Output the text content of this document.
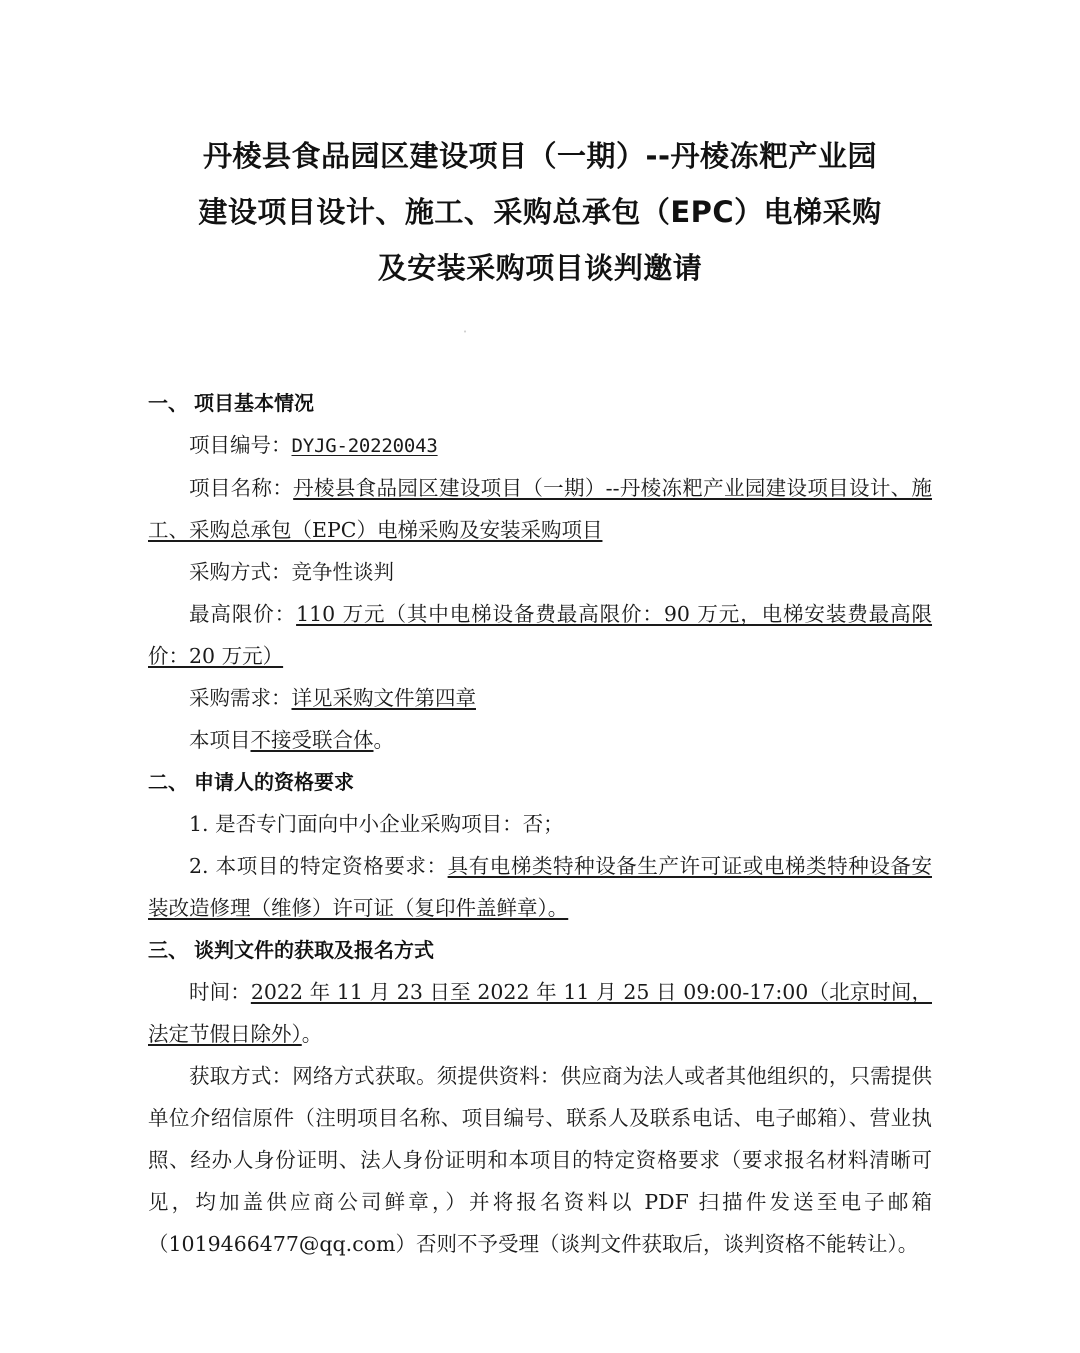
丹棱县食品园区建设项目（一期）--丹棱冻粑产业园
建设项目设计、施工、采购总承包（EPC）电梯采购
及安装采购项目谈判邀请
一、 项目基本情况

项目编号：DYJG-20220043

项目名称：丹棱县食品园区建设项目（一期）--丹棱冻粑产业园建设项目设计、施工、采购总承包（EPC）电梯采购及安装采购项目

采购方式：竞争性谈判

最高限价：110 万元（其中电梯设备费最高限价：90 万元，电梯安装费最高限价：20 万元）

采购需求：详见采购文件第四章

本项目不接受联合体。

二、 申请人的资格要求

1. 是否专门面向中小企业采购项目：否；

2. 本项目的特定资格要求：具有电梯类特种设备生产许可证或电梯类特种设备安装改造修理（维修）许可证（复印件盖鲜章）。

三、 谈判文件的获取及报名方式

时间：2022 年 11 月 23 日至 2022 年 11 月 25 日 09:00-17:00（北京时间，法定节假日除外）。

获取方式：网络方式获取。须提供资料：供应商为法人或者其他组织的，只需提供单位介绍信原件（注明项目名称、项目编号、联系人及联系电话、电子邮箱）、营业执照、经办人身份证明、法人身份证明和本项目的特定资格要求（要求报名材料清晰可见，均加盖供应商公司鲜章，）并将报名资料以 PDF 扫描件发送至电子邮箱（1019466477@qq.com）否则不予受理（谈判文件获取后，谈判资格不能转让）。

·
